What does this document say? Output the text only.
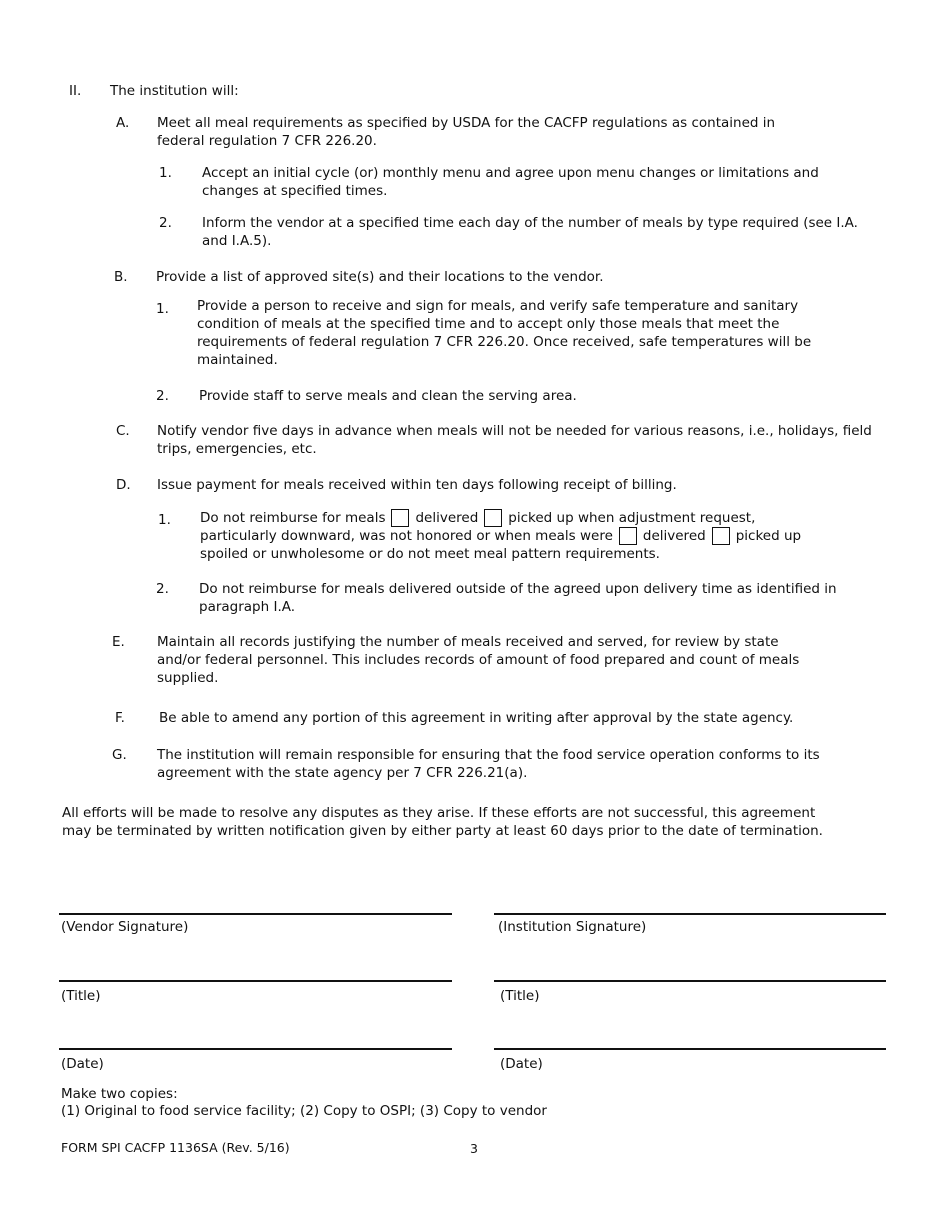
II. The institution will:
A. Meet all meal requirements as specified by USDA for the CACFP regulations as contained in
federal regulation 7 CFR 226.20.
1. Accept an initial cycle (or) monthly menu and agree upon menu changes or limitations and
changes at specified times.
2. Inform the vendor at a specified time each day of the number of meals by type required (see I.A.
and I.A.5).
B. Provide a list of approved site(s) and their locations to the vendor.
1. Provide a person to receive and sign for meals, and verify safe temperature and sanitary
condition of meals at the specified time and to accept only those meals that meet the
requirements of federal regulation 7 CFR 226.20. Once received, safe temperatures will be
maintained.
2. Provide staff to serve meals and clean the serving area.
C. Notify vendor five days in advance when meals will not be needed for various reasons, i.e., holidays, field
trips, emergencies, etc.
D. Issue payment for meals received within ten days following receipt of billing.
1. Do not reimburse for meals delivered picked up when adjustment request,
particularly downward, was not honored or when meals were delivered picked up
spoiled or unwholesome or do not meet meal pattern requirements.
2. Do not reimburse for meals delivered outside of the agreed upon delivery time as identified in
paragraph I.A.
E. Maintain all records justifying the number of meals received and served, for review by state
and/or federal personnel. This includes records of amount of food prepared and count of meals
supplied.
F.	Be able to amend any portion of this agreement in writing after approval by the state agency.
G. The institution will remain responsible for ensuring that the food service operation conforms to its
agreement with the state agency per 7 CFR 226.21(a).
All efforts will be made to resolve any disputes as they arise. If these efforts are not successful, this agreement
may be terminated by written notification given by either party at least 60 days prior to the date of termination.
(Vendor Signature)	(Institution Signature)
(Title)	(Title)
(Date)	(Date)
Make two copies:
(1) Original to food service facility; (2) Copy to OSPI; (3) Copy to vendor
FORM SPI CACFP 1136SA (Rev. 5/16)	3
